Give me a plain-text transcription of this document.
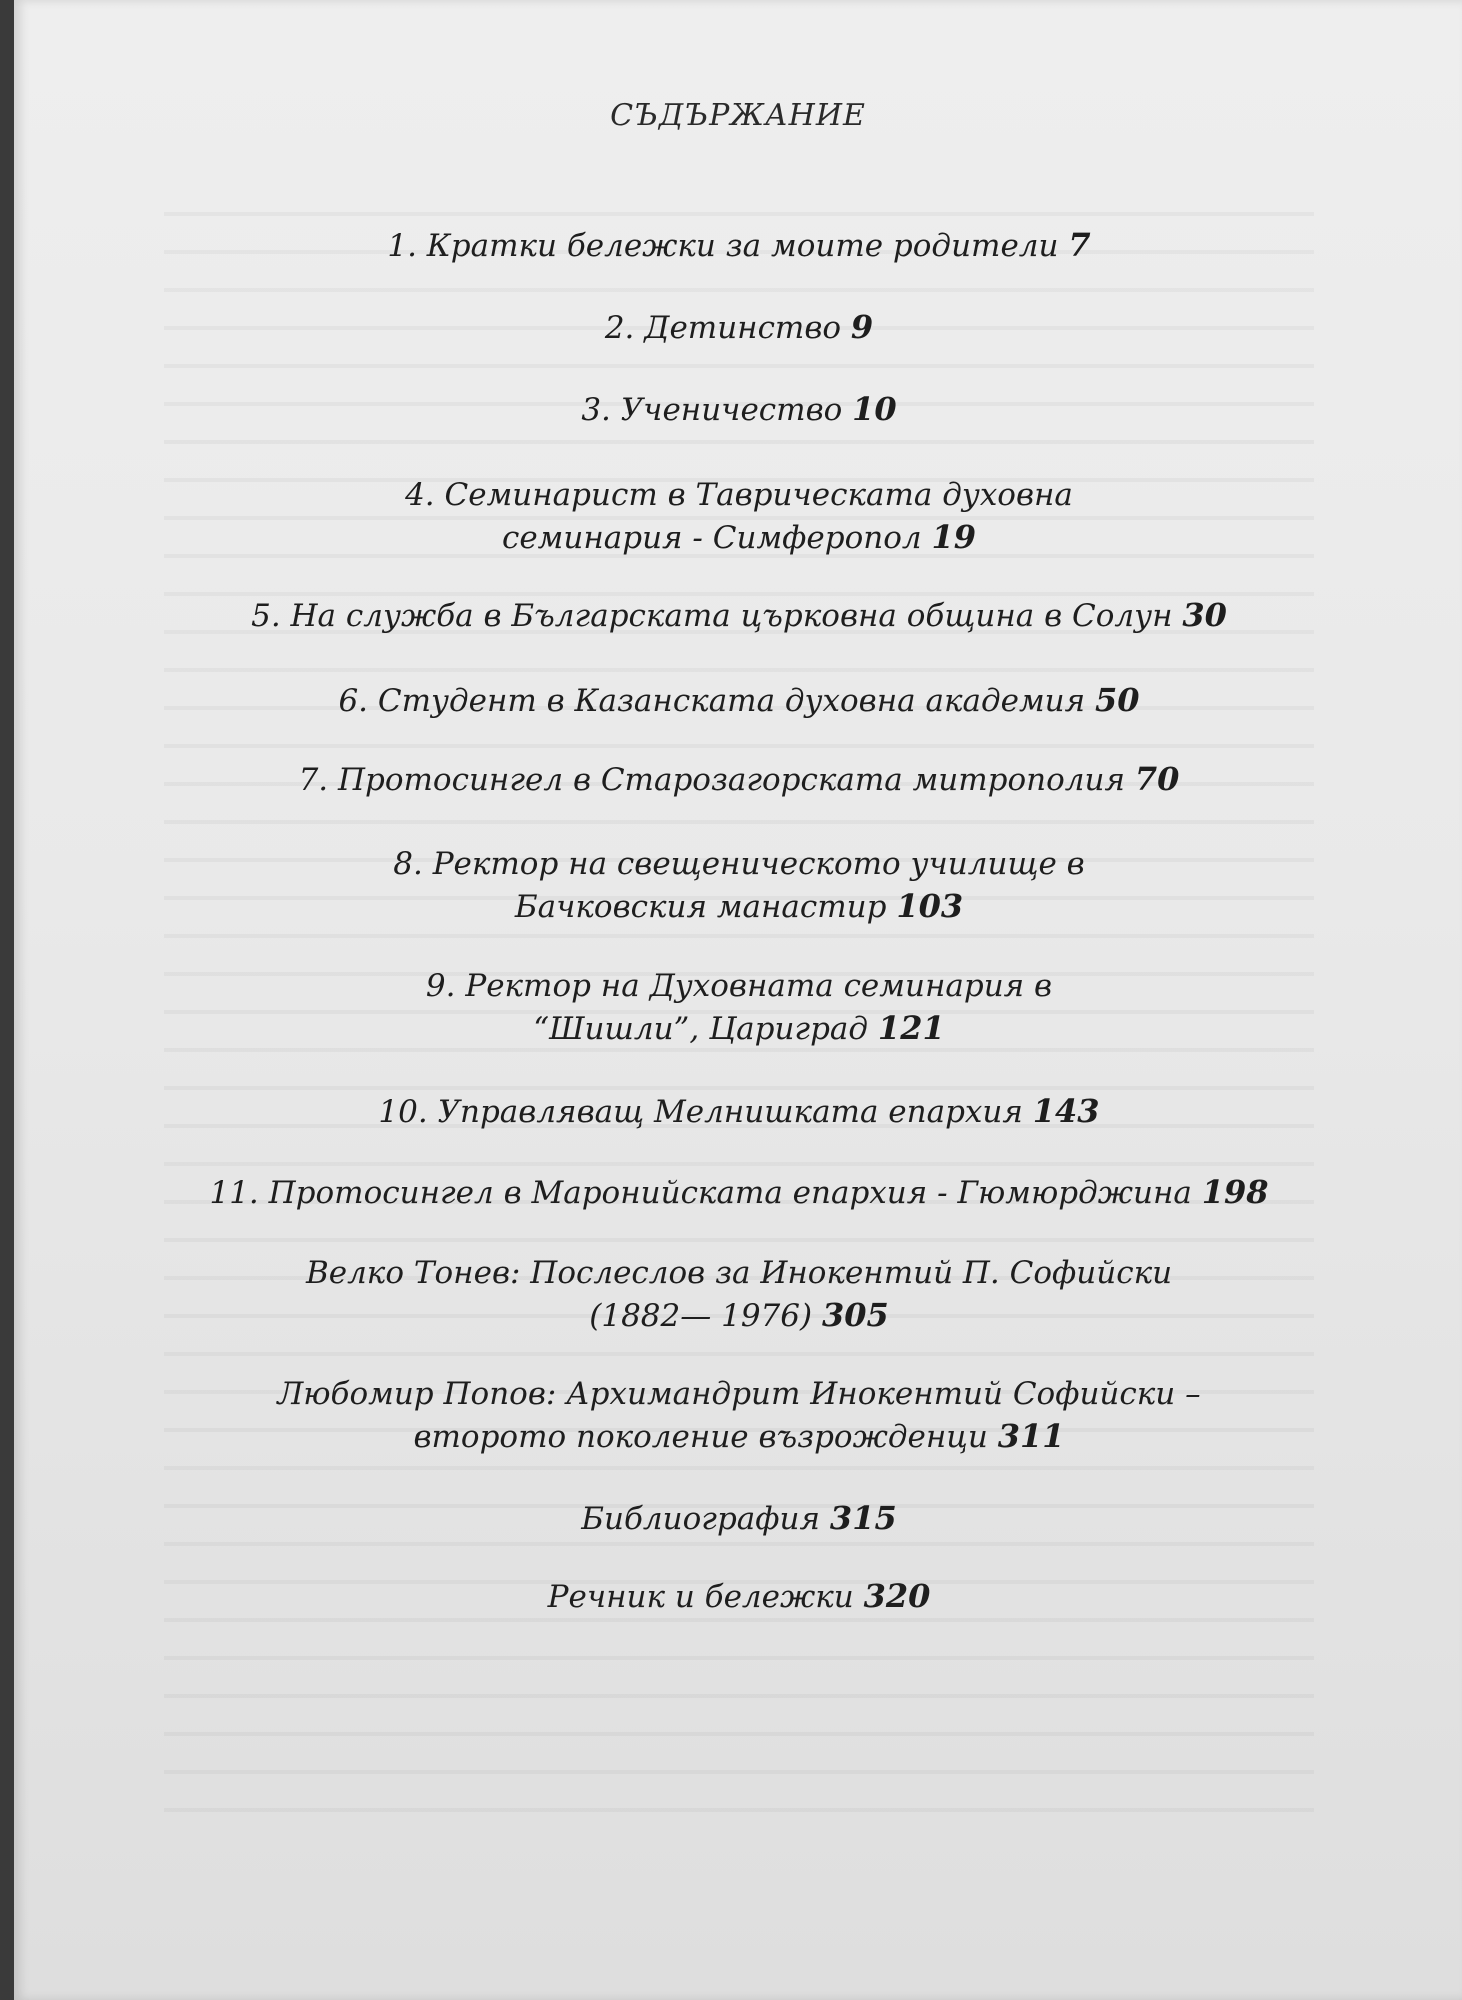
СЪДЪРЖАНИЕ
1. Кратки бележки за моите родители 7
2. Детинство 9
3. Ученичество 10
4. Семинарист в Таврическата духовна
семинария - Симферопол 19
5. На служба в Българската църковна община в Солун 30
6. Студент в Казанската духовна академия 50
7. Протосингел в Старозагорската митрополия 70
8. Ректор на свещеническото училище в
Бачковския манастир 103
9. Ректор на Духовната семинария в
“Шишли”, Цариград 121
10. Управляващ Мелнишката епархия 143
11. Протосингел в Маронийската епархия - Гюмюрджина 198
Велко Тонев: Послеслов за Инокентий П. Софийски
(1882— 1976) 305
Любомир Попов: Архимандрит Инокентий Софийски –
второто поколение възрожденци 311
Библиография 315
Речник и бележки 320
